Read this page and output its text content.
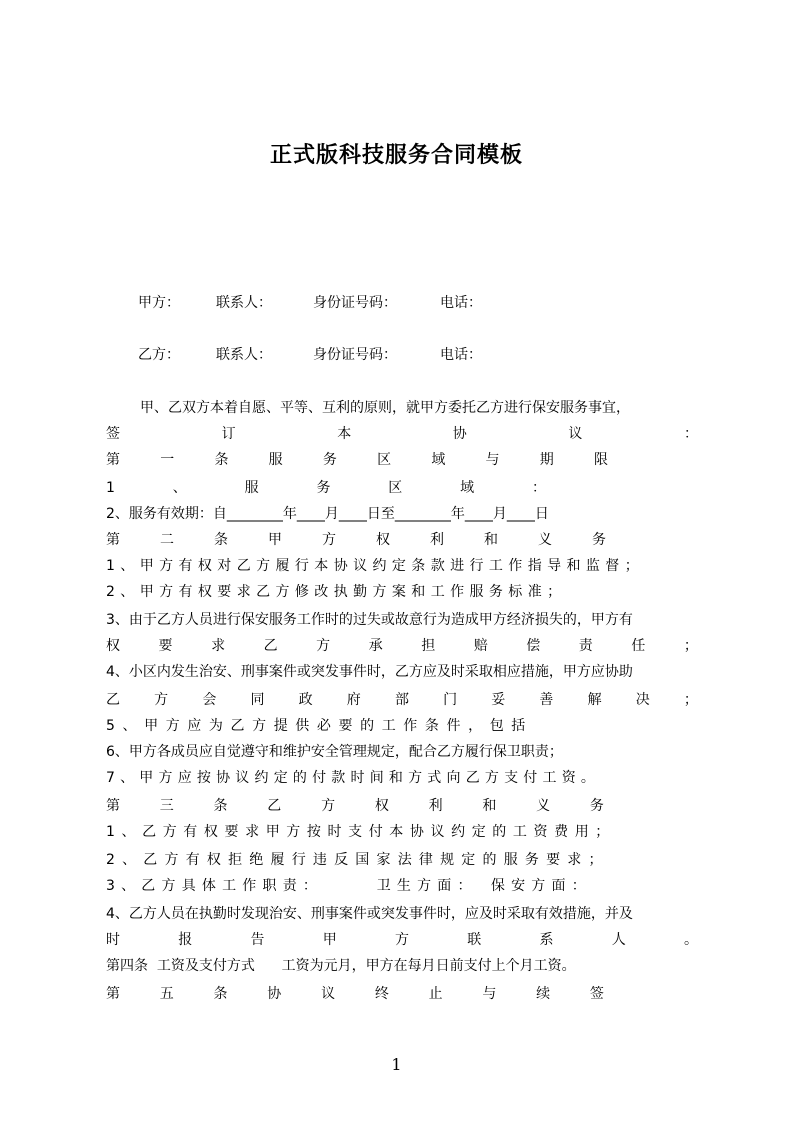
正式版科技服务合同模板
甲方：	联系人：	身份证号码：	电话：
乙方：	联系人：	身份证号码：	电话：
甲、乙双方本着自愿、平等、互利的原则，就甲方委托乙方进行保安服务事宜，
签	订	本	协	议	：
第	一	条	服	务	区	域	与	期	限
1	、	服	务	区	域	：
2、服务有效期：自________年____月____日至________年____月____日
第	二	条	甲	方	权	利	和	义	务
1、甲方有权对乙方履行本协议约定条款进行工作指导和监督；
2、甲方有权要求乙方修改执勤方案和工作服务标准；
3、由于乙方人员进行保安服务工作时的过失或故意行为造成甲方经济损失的，甲方有
权	要	求	乙	方	承	担	赔	偿	责	任	；
4、小区内发生治安、刑事案件或突发事件时，乙方应及时采取相应措施，甲方应协助
乙 方 会 同 政 府 部 门 妥 善 解 决 ；
5、甲方应为乙方提供必要的工作条件，包括
6、甲方各成员应自觉遵守和维护安全管理规定，配合乙方履行保卫职责；
7、甲方应按协议约定的付款时间和方式向乙方支付工资。
第	三	条	乙	方	权	利	和	义	务
1、乙方有权要求甲方按时支付本协议约定的工资费用；
2、乙方有权拒绝履行违反国家法律规定的服务要求；
3、乙方具体工作职责：　　　卫生方面：　保安方面：
4、乙方人员在执勤时发现治安、刑事案件或突发事件时，应及时采取有效措施，并及
时	报	告	甲	方	联	系	人	。
第四条  工资及支付方式      工资为元月，甲方在每月日前支付上个月工资。
第	五	条	协	议	终	止	与	续	签
1
